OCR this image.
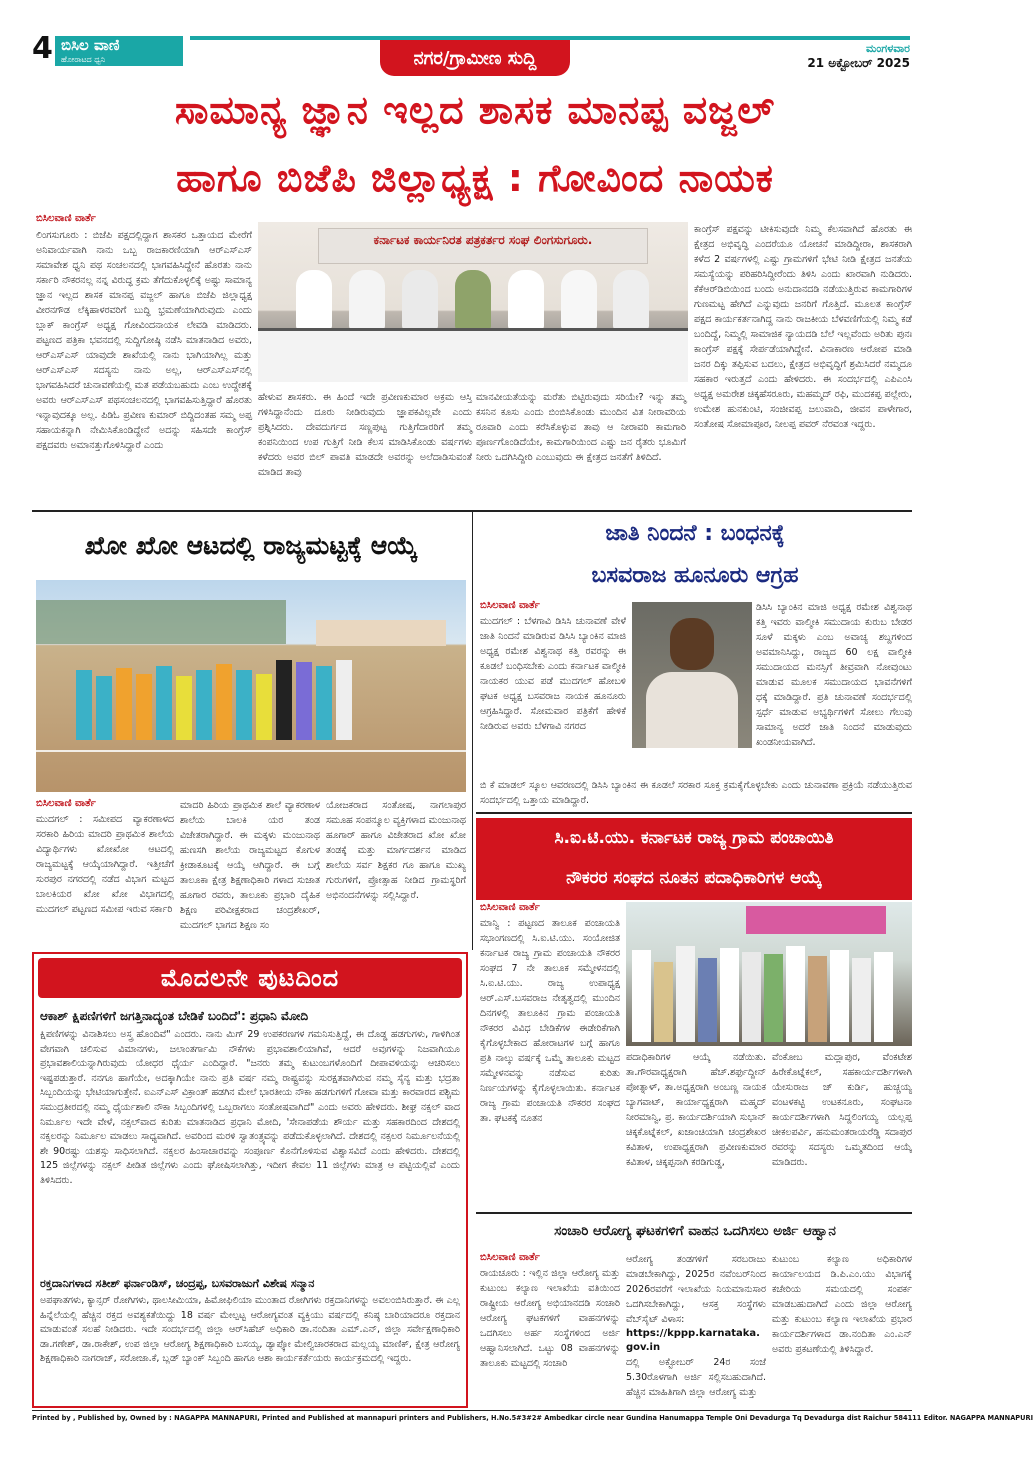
4 ಬಿಸಿಲ ವಾಣಿ
ಹೋರಾಟದ ಧ್ವನಿ	ನಗರ/ಗ್ರಾಮೀಣ ಸುದ್ದಿ	ಮಂಗಳವಾರ
21 ಅಕ್ಟೋಬರ್ 2025
ಸಾಮಾನ್ಯ ಜ್ಞಾನ ಇಲ್ಲದ ಶಾಸಕ ಮಾನಪ್ಪ ವಜ್ಜಲ್
ಹಾಗೂ ಬಿಜೆಪಿ ಜಿಲ್ಲಾಧ್ಯಕ್ಷ : ಗೋವಿಂದ ನಾಯಕ
ಬಿಸಿಲವಾಣಿ ವಾರ್ತೆ
ಲಿಂಗಸುಗೂರು : ಬಿಜೆಪಿ ಪಕ್ಷದಲ್ಲಿದ್ದಾಗ ಶಾಸಕರ ಒತ್ತಾಯದ ಮೇರೆಗೆ ಅನಿವಾರ್ಯವಾಗಿ ನಾನು ಒಬ್ಬ ರಾಜಕಾರಣಿಯಾಗಿ ಆರ್‌ಎಸ್‌ಎಸ್ ಸಮಾವೇಶ ಧ್ವನಿ ಪಥ ಸಂಚಲನದಲ್ಲಿ ಭಾಗವಹಿಸಿದ್ದೇನೆ ಹೊರತು ನಾನು ಸರ್ಕಾರಿ ನೌಕರನಲ್ಲ ನನ್ನ ವಿರುದ್ಧ ಕ್ರಮ ತೆಗೆದುಕೊಳ್ಳಲಿಕ್ಕೆ ಅಷ್ಟು ಸಾಮಾನ್ಯ ಜ್ಞಾನ ಇಲ್ಲದ ಶಾಸಕ ಮಾನಪ್ಪ ವಜ್ಜಲ್ ಹಾಗೂ ಬಿಜೆಪಿ ಜಿಲ್ಲಾಧ್ಯಕ್ಷ ವೀರನಗೌಡ ಲೆಕ್ಕಿಹಾಳರವರಿಗೆ ಬುದ್ಧಿ ಭ್ರಮಣೆಯಾಗಿರುವುದು ಎಂದು ಬ್ಲಾಕ್ ಕಾಂಗ್ರೆಸ್ ಅಧ್ಯಕ್ಷ ಗೋವಿಂದನಾಯಕ ಲೇವಡಿ ಮಾಡಿದರು. ಪಟ್ಟಣದ ಪತ್ರಿಕಾ ಭವನದಲ್ಲಿ ಸುದ್ದಿಗೋಷ್ಠಿ ನಡೆಸಿ ಮಾತನಾಡಿದ ಅವರು, ಆರ್‌ಎಸ್‌ಎಸ್ ಯಾವುದೇ ಶಾಖೆಯಲ್ಲಿ ನಾನು ಭಾಗಿಯಾಗಿಲ್ಲ ಮತ್ತು ಆರ್‌ಎಸ್‌ಎಸ್ ಸದಸ್ಯನು ನಾನು ಅಲ್ಲ, ಆರ್‌ಎಸ್‌ಎಸ್‌ನಲ್ಲಿ ಭಾಗವಹಿಸಿದರೆ ಚುನಾವಣೆಯಲ್ಲಿ ಮತ ಪಡೆಯಬಹುದು ಎಂಬ ಉದ್ದೇಶಕ್ಕೆ ಅವರು ಆರ್‌ಎಸ್‌ಎಸ್ ಪಥಸಂಚಲನದಲ್ಲಿ ಭಾಗವಹಿಸುತ್ತಿದ್ದಾರೆ ಹೊರತು ಇನ್ನಾವುದಕ್ಕೂ ಅಲ್ಲ. ಪಿಡಿಓ ಪ್ರವೀಣ ಕುಮಾರ್ ಬಿದ್ದಿದಂತಹ ಸಮ್ಮ ಅಪ್ಪ ಸಹಾಯಕನ್ನಾಗಿ ನೇಮಿಸಿಕೊಂಡಿದ್ದೇನೆ ಅದನ್ನು ಸಹಿಸದೇ ಕಾಂಗ್ರೆಸ್ ಪಕ್ಷದವರು ಅಮಾನತ್ತುಗೊಳಿಸಿದ್ದಾರೆ ಎಂದು
ಕರ್ನಾಟಕ ಕಾರ್ಯನಿರತ ಪತ್ರಕರ್ತರ ಸಂಘ ಲಿಂಗಸುಗೂರು.
ಹೇಳುವ ಶಾಸಕರು. ಈ ಹಿಂದೆ ಇದೇ ಪ್ರವೀಣಕುಮಾರ ಅಕ್ರಮ ಆಸ್ತಿ ಗಳಿಸಿದ್ದಾನೆಂದು ದೂರು ನೀಡಿರುವುದು ಜ್ಞಾಪಕವಿಲ್ಲವೇ ಎಂದು ಪ್ರಶ್ನಿಸಿದರು. ದೇವದುರ್ಗದ ಸಣ್ಣಪುಟ್ಟ ಗುತ್ತಿಗೆದಾರರಿಗೆ ತಮ್ಮ ಕಂಪನಿಯಿಂದ ಉಪ ಗುತ್ತಿಗೆ ನೀಡಿ ಕೆಲಸ ಮಾಡಿಸಿಕೊಂಡು ವರ್ಷಗಳು ಕಳೆದರು ಅವರ ಬಿಲ್ ಪಾವತಿ ಮಾಡದೇ ಅವರನ್ನು ಅಲೆದಾಡಿಸುವಂತೆ ಮಾಡಿದ ತಾವು
ಮಾನವೀಯತೆಯನ್ನು ಮರೆತು ಬಿಟ್ಟಿರುವುದು ಸರಿಯೇ? ಇನ್ನು ತಮ್ಮ ಕಸನಿನ ಕೂಸು ಎಂದು ಬಿಂಬಿಸಿಕೊಂಡು ಮುಂದಿನ ವಿತ ನೀರಾವರಿಯ ರೂವಾರಿ ಎಂದು ಕರೆಸಿಕೊಳ್ಳುವ ತಾವು ಆ ನೀರಾವರಿ ಕಾಮಗಾರಿ ಪೂರ್ಣಗೊಂಡಿದೆಯೇ, ಕಾಮಗಾರಿಯಿಂದ ಎಷ್ಟು ಜನ ರೈತರು ಭೂಮಿಗೆ ನೀರು ಒದಗಿಸಿದ್ದೀರಿ ಎಂಬುವುದು ಈ ಕ್ಷೇತ್ರದ ಜನತೆಗೆ ತಿಳಿದಿದೆ.
ಕಾಂಗ್ರೆಸ್ ಪಕ್ಷವನ್ನು ಟೀಕಿಸುವುದೇ ನಿಮ್ಮ ಕೆಲಸವಾಗಿದೆ ಹೊರತು ಈ ಕ್ಷೇತ್ರದ ಅಭಿವೃದ್ಧಿ ಎಂದರೆಯೂ ಯೋಚನೆ ಮಾಡಿದ್ದೀರಾ, ಶಾಸಕರಾಗಿ ಕಳೆದ 2 ವರ್ಷಗಳಲ್ಲಿ ಎಷ್ಟು ಗ್ರಾಮಗಳಿಗೆ ಭೇಟಿ ನೀಡಿ ಕ್ಷೇತ್ರದ ಜನತೆಯ ಸಮಸ್ಯೆಯನ್ನು ಪರಿಹರಿಸಿದ್ದೀರೆಂದು ತಿಳಿಸಿ ಎಂದು ಖಾರವಾಗಿ ನುಡಿದರು. ಕೆಕೆಆರ್‌ಡಿಬಿಯಿಂದ ಬಂದು ಅನುದಾನದಡಿ ನಡೆಯುತ್ತಿರುವ ಕಾಮಗಾರಿಗಳ ಗುಣಮಟ್ಟ ಹೇಗಿದೆ ಎನ್ನುವುದು ಜನರಿಗೆ ಗೊತ್ತಿದೆ. ಮೂಲತ ಕಾಂಗ್ರೆಸ್ ಪಕ್ಷದ ಕಾರ್ಯಕರ್ತನಾಗಿದ್ದ ನಾನು ರಾಜಕೀಯ ಬೆಳವಣಿಗೆಯಲ್ಲಿ ನಿಮ್ಮ ಕಡೆ ಬಂದಿದ್ದೆ, ನಿಮ್ಮಲ್ಲಿ ಸಾಮಾಜಿಕ ನ್ಯಾಯದಡಿ ಬೆಲೆ ಇಲ್ಲವೆಂದು ಅರಿತು ಪುನಃ ಕಾಂಗ್ರೆಸ್ ಪಕ್ಷಕ್ಕೆ ಸೇರ್ಪಡೆಯಾಗಿದ್ದೇನೆ. ವಿನಾಕಾರಣ ಆರೋಪ ಮಾಡಿ ಜನರ ದಿಕ್ಕು ತಪ್ಪಿಸುವ ಬದಲು, ಕ್ಷೇತ್ರದ ಅಭಿವೃದ್ಧಿಗೆ ಶ್ರಮಿಸಿದರೆ ನಮ್ಮದೂ ಸಹಕಾರ ಇರುತ್ತದೆ ಎಂದು ಹೇಳಿದರು. ಈ ಸಂದರ್ಭದಲ್ಲಿ ಎಪಿಎಂಸಿ ಅಧ್ಯಕ್ಷ ಅಮರೇಶ ಚಿಕ್ಕಹೆಸರೂರು, ಮಹಮ್ಮದ್ ರಫಿ, ಮುದಕಪ್ಪ ಪಲ್ಲೇರು, ಉಮೇಶ ಹುನಕುಂಟಿ, ಸಂಜೀವಪ್ಪ ಜಲುವಾದಿ, ಜೀವನ ಪಾಳೇಗಾರ, ಸಂತೋಷ ಸೋಮಾಪೂರ, ನೀಲಪ್ಪ ಪವರ್ ನೆರವಂತ ಇದ್ದರು.
ಖೋ ಖೋ ಆಟದಲ್ಲಿ ರಾಜ್ಯಮಟ್ಟಕ್ಕೆ ಆಯ್ಕೆ
ಬಿಸಿಲವಾಣಿ ವಾರ್ತೆ
ಮುದಗಲ್ : ಸಮೀಪದ ವ್ಯಾಕರಣಾಳದ ಸರಕಾರಿ ಹಿರಿಯ ಮಾದರಿ ಪ್ರಾಥಮಿಕ ಶಾಲೆಯ ವಿದ್ಯಾರ್ಥಿಗಳು ಖೋಖೋ ಆಟದಲ್ಲಿ ರಾಜ್ಯಮಟ್ಟಕ್ಕೆ ಆಯ್ಕೆಯಾಗಿದ್ದಾರೆ. ಇತ್ತೀಚೆಗೆ ಸುರಪುರ ನಗರದಲ್ಲಿ ನಡೆದ ವಿಭಾಗ ಮಟ್ಟದ ಬಾಲಕಿಯರ ಖೋ ಖೋ ವಿಭಾಗದಲ್ಲಿ ಮುದಗಲ್ ಪಟ್ಟಣದ ಸಮೀಪ ಇರುವ ಸರ್ಕಾರಿ
ಮಾದರಿ ಹಿರಿಯ ಪ್ರಾಥಮಿಕ ಶಾಲೆ ವ್ಯಾಕರಣಾಳ ಶಾಲೆಯ ಬಾಲಕಿ ಯರ ತಂಡ ವಿಜೇತರಾಗಿದ್ದಾರೆ. ಈ ಮಕ್ಕಳು ಮಂಜುನಾಥ ಹುಣಸಗಿ ಶಾಲೆಯ ರಾಜ್ಯಮಟ್ಟದ ಕೊಗುಳ ಕ್ರೀಡಾಕೂಟಕ್ಕೆ ಆಯ್ಕೆ ಆಗಿದ್ದಾರೆ. ಈ ಬಗ್ಗೆ ತಾಲೂಕಾ ಕ್ಷೇತ್ರ ಶಿಕ್ಷಣಾಧಿಕಾರಿ ಗಳಾದ ಸುಜಾತ ಹೂಗಾರ ರವರು, ತಾಲೂಕು ಪ್ರಭಾರಿ ದೈಹಿಕ ಶಿಕ್ಷಣ ಪರಿವೀಕ್ಷಕರಾದ ಚಂದ್ರಶೇಖರ್, ಮುದಗಲ್ ಭಾಗದ ಶಿಕ್ಷಣ ಸಂ
ಯೋಜಕರಾದ ಸಂತೋಷ, ನಾಗಲಾಪುರ ಸಮೂಹ ಸಂಪನ್ಮೂಲ ವ್ಯಕ್ತಿಗಳಾದ ಮಂಜುನಾಥ ಹೂಗಾರ್ ಹಾಗೂ ವಿಜೇತರಾದ ಖೋ ಖೋ ತಂಡಕ್ಕೆ ಮತ್ತು ಮಾರ್ಗದರ್ಶನ ಮಾಡಿದ ಶಾಲೆಯ ಸರ್ವ ಶಿಕ್ಷಕರ ಗೂ ಹಾಗೂ ಮುಖ್ಯ ಗುರುಗಳಿಗೆ, ಪ್ರೋತ್ಸಾಹ ನೀಡಿದ ಗ್ರಾಮಸ್ಥರಿಗೆ ಅಭಿನಂದನೆಗಳನ್ನು ಸಲ್ಲಿಸಿದ್ದಾರೆ.
ಜಾತಿ ನಿಂದನೆ : ಬಂಧನಕ್ಕೆ
ಬಸವರಾಜ ಹೂನೂರು ಆಗ್ರಹ
ಬಿಸಿಲವಾಣಿ ವಾರ್ತೆ
ಮುದಗಲ್ : ಬೆಳಗಾವಿ ಡಿಸಿಸಿ ಚುನಾವಣೆ ವೇಳೆ ಜಾತಿ ನಿಂದನೆ ಮಾಡಿರುವ ಡಿಸಿಸಿ ಬ್ಯಾಂಕಿನ ಮಾಜಿ ಅಧ್ಯಕ್ಷ ರಮೇಶ ವಿಶ್ವನಾಥ ಕತ್ತಿ ರವರನ್ನು ಈ ಕೂಡಲೆ ಬಂಧಿಸಬೇಕು ಎಂದು ಕರ್ನಾಟಕ ವಾಲ್ಮೀಕಿ ನಾಯಕರ ಯುವ ಪಡೆ ಮುದಗಲ್ ಹೋಬಳಿ ಘಟಕ ಅಧ್ಯಕ್ಷ ಬಸವರಾಜ ನಾಯಕ ಹೂನೂರು ಆಗ್ರಹಿಸಿದ್ದಾರೆ. ಸೋಮವಾರ ಪತ್ರಿಕೆಗೆ ಹೇಳಿಕೆ ನೀಡಿರುವ ಅವರು ಬೆಳಗಾವಿ ನಗರದ
ಡಿಸಿಸಿ ಬ್ಯಾಂಕಿನ ಮಾಜಿ ಅಧ್ಯಕ್ಷ ರಮೇಶ ವಿಶ್ವನಾಥ ಕತ್ತಿ ಇವರು ವಾಲ್ಮೀಕಿ ಸಮುದಾಯ ಕುರುಬ ಬೇಡರ ಸೂಳೆ ಮಕ್ಕಳು ಎಂಬ ಅವಾಚ್ಯ ಶಬ್ದಗಳಿಂದ ಅವಮಾನಿಸಿದ್ದು, ರಾಜ್ಯದ 60 ಲಕ್ಷ ವಾಲ್ಮೀಕಿ ಸಮುದಾಯದ ಮನಸ್ಸಿಗೆ ತೀವ್ರವಾಗಿ ನೋವುಂಟು ಮಾಡುವ ಮೂಲಕ ಸಮುದಾಯದ ಭಾವನೆಗಳಿಗೆ ಧಕ್ಕೆ ಮಾಡಿದ್ದಾರೆ. ಪ್ರತಿ ಚುನಾವಣೆ ಸಂದರ್ಭದಲ್ಲಿ ಸ್ಪರ್ಧೆ ಮಾಡುವ ಅಭ್ಯರ್ಥಿಗಳಿಗೆ ಸೋಲು ಗೆಲುವು ಸಾಮಾನ್ಯ ಅದರೆ ಜಾತಿ ನಿಂದನೆ ಮಾಡುವುದು ಖಂಡನೀಯವಾಗಿದೆ.
ಬಿ ಕೆ ಮಾಡಲ್ ಸ್ಕೂಲ ಆವರಣದಲ್ಲಿ ಡಿಸಿಸಿ ಬ್ಯಾಂಕಿನ ಈ ಕೂಡಲೆ ಸರಕಾರ ಸೂಕ್ತ ಕ್ರಮಕೈಗೊಳ್ಳಬೇಕು ಎಂದು ಚುನಾವಣಾ ಪ್ರಕ್ರಿಯೆ ನಡೆಯುತ್ತಿರುವ ಸಂದರ್ಭದಲ್ಲಿ ಒತ್ತಾಯ ಮಾಡಿದ್ದಾರೆ.
ಸಿ.ಐ.ಟಿ.ಯು. ಕರ್ನಾಟಕ ರಾಜ್ಯ ಗ್ರಾಮ ಪಂಚಾಯಿತಿ
ನೌಕರರ ಸಂಘದ ನೂತನ ಪದಾಧಿಕಾರಿಗಳ ಆಯ್ಕೆ
ಬಿಸಿಲವಾಣಿ ವಾರ್ತೆ
ಮಾನ್ವಿ : ಪಟ್ಟಣದ ತಾಲೂಕ ಪಂಚಾಯತಿ ಸಭಾಂಗಣದಲ್ಲಿ ಸಿ.ಐ.ಟಿ.ಯು. ಸಂಯೋಜಿತ ಕರ್ನಾಟಕ ರಾಜ್ಯ ಗ್ರಾಮ ಪಂಚಾಯತಿ ನೌಕರರ ಸಂಘದ 7 ನೇ ತಾಲೂಕ ಸಮ್ಮೇಳನದಲ್ಲಿ ಸಿ.ಐ.ಟಿ.ಯು. ರಾಜ್ಯ ಉಪಾಧ್ಯಕ್ಷ ಆರ್.ಎಸ್.ಬಸವರಾಜ ನೇತೃತ್ವದಲ್ಲಿ ಮುಂದಿನ ದಿನಗಳಲ್ಲಿ ತಾಲೂಕಿನ ಗ್ರಾಮ ಪಂಚಾಯತಿ ನೌಕರರ ವಿವಿಧ ಬೇಡಿಕೆಗಳ ಈಡೇರಿಕೆಗಾಗಿ ಕೈಗೊಳ್ಳಬೇಕಾದ ಹೋರಾಟಗಳ ಬಗ್ಗೆ ಹಾಗೂ ಪ್ರತಿ ನಾಲ್ಕು ವರ್ಷಕ್ಕೆ ಒಮ್ಮೆ ತಾಲೂಕು ಮಟ್ಟದ ಸಮ್ಮೇಳನವನ್ನು ನಡೆಸುವ ಕುರಿತು ನಿರ್ಣಯಗಳನ್ನು ಕೈಗೊಳ್ಳಲಾಯಿತು. ಕರ್ನಾಟಕ ರಾಜ್ಯ ಗ್ರಾಮ ಪಂಚಾಯತಿ ನೌಕರರ ಸಂಘದ ತಾ. ಘಟಕಕ್ಕೆ ನೂತನ
ಪದಾಧಿಕಾರಿಗಳ ಆಯ್ಕೆ ನಡೆಯಿತು. ತಾ.ಗೌರವಾಧ್ಯಕ್ಷರಾಗಿ ಹೆಚ್.ಶರ್ಫುದ್ದೀನ್ ಪೋತ್ನಾಳ್, ತಾ.ಅಧ್ಯಕ್ಷರಾಗಿ ಅಂಬಣ್ಣ ನಾಯಕ ಬ್ಯಾಗವಾಟ್, ಕಾರ್ಯಾಧ್ಯಕ್ಷರಾಗಿ ಮಹ್ಮದ್ ನೀರಮಾನ್ವಿ, ಪ್ರ. ಕಾರ್ಯದರ್ಶಿಯಾಗಿ ಸುಭಾನ್ ಚಿಕ್ಕಕೊಟ್ನೆಕಲ್, ಖಜಾಂಚಿಯಾಗಿ ಚಂದ್ರಶೇಖರ ಕವಿತಾಳ, ಉಪಾಧ್ಯಕ್ಷರಾಗಿ ಪ್ರವೀಣಕುಮಾರ ಕವಿತಾಳ, ಚಿಕ್ಕಪ್ಪನಾಗಿ ಕರಡಿಗುಡ್ಡ,
ವೆಂಕೋಬ ಮದ್ಲಾಪುರ, ವೆಂಕಟೇಶ ಹಿರೇಕೊಟ್ನೆಕಲ್, ಸಹಕಾರ್ಯದರ್ಶಿಗಳಾಗಿ ಯೇಸುರಾಜ ಜ್ ಕುರ್ಡಿ, ಹುಚ್ಚಯ್ಯ ವಂಟಳಕಟ್ಟಿ ಉಟಕನೂರು, ಸಂಘಟನಾ ಕಾರ್ಯದರ್ಶಿಗಳಾಗಿ ಸಿದ್ದಲಿಂಗಯ್ಯ ಯಲ್ಲಪ್ಪ ಚೀಕಲಪರ್ವಿ, ಹನುಮಂತರಾಯರೆಡ್ಡಿ ಸದಾಪುರ ರವರನ್ನು ಸದಸ್ಯರು ಒಮ್ಮತದಿಂದ ಆಯ್ಕೆ ಮಾಡಿದರು.
ಮೊದಲನೇ ಪುಟದಿಂದ
ಆಕಾಶ್ ಕ್ಷಿಪಣಿಗಳಿಗೆ ಜಗತ್ತಿನಾದ್ಯಂತ ಬೇಡಿಕೆ ಬಂದಿದೆ': ಪ್ರಧಾನಿ ಮೋದಿ
ಕ್ಷಿಪಣಿಗಳನ್ನು ವಿನಾಶಿಸಲು ಅಸ್ತ್ರ ಹೊಂದಿವೆ" ಎಂದರು. ನಾನು ಮಿಗ್ 29 ಉಪಕರಣಗಳ ಗಮನಿಸುತ್ತಿದ್ದೆ, ಈ ದೊಡ್ಡ ಹಡಗುಗಳು, ಗಾಳಿಗಿಂತ ವೇಗವಾಗಿ ಚಲಿಸುವ ವಿಮಾನಗಳು, ಜಲಾಂತರ್ಗಾಮಿ ನೌಕೆಗಳು ಪ್ರಭಾವಶಾಲಿಯಾಗಿವೆ, ಆದರೆ ಅವುಗಳನ್ನು ನಿಜವಾಗಿಯೂ ಪ್ರಭಾವಶಾಲಿಯನ್ನಾಗಿರುವುದು ಯೋಧರ ಧೈರ್ಯ ಎಂದಿದ್ದಾರೆ. "ಜನರು ತಮ್ಮ ಕುಟುಂಬಗಳೊಂದಿಗೆ ದೀಪಾವಳಿಯನ್ನು ಆಚರಿಸಲು ಇಷ್ಟಪಡುತ್ತಾರೆ. ನನಗೂ ಹಾಗೆಯೇ, ಅದಕ್ಕಾಗಿಯೇ ನಾನು ಪ್ರತಿ ವರ್ಷ ನಮ್ಮ ರಾಷ್ಟ್ರವನ್ನು ಸುರಕ್ಷತವಾಗಿರುವ ನಮ್ಮ ಸೈನ್ಯ ಮತ್ತು ಭದ್ರತಾ ಸಿಬ್ಬಂದಿಯನ್ನು ಭೇಟಿಯಾಗುತ್ತೇನೆ. ಐಎನ್‌ಎಸ್ ವಿಕ್ರಾಂತ್ ಹಡಗಿನ ಮೇಲೆ ಭಾರತೀಯ ನೌಕಾ ಹಡಗುಗಳಿಗೆ ಗೋವಾ ಮತ್ತು ಕಾರವಾರದ ಪಶ್ಚಿಮ ಸಮುದ್ರತೀರದಲ್ಲಿ ನಮ್ಮ ಧೈರ್ಯಶಾಲಿ ನೌಕಾ ಸಿಬ್ಬಂದಿಗಳಲ್ಲಿ ಒಬ್ಬರಾಗಲು ಸಂತೋಷವಾಗಿದೆ" ಎಂದು ಅವರು ಹೇಳಿದರು. ಶೀಘ್ರ ನಕ್ಸಲ್ ವಾದ ನಿರ್ಮೂಲ ಇದೇ ವೇಳೆ, ನಕ್ಸಲ್‌ವಾದ ಕುರಿತು ಮಾತನಾಡಿದ ಪ್ರಧಾನಿ ಮೋದಿ, 'ಸೇನಾಪಡೆಯ ಶೌರ್ಯ ಮತ್ತು ಸಹಕಾರದಿಂದ ದೇಶದಲ್ಲಿ ನಕ್ಸಲರನ್ನು ನಿರ್ಮೂಲ ಮಾಡಲು ಸಾಧ್ಯವಾಗಿದೆ. ಅವರಿಂದ ಮರಳಿ ಸ್ವಾತಂತ್ರ್ಯವನ್ನು ಪಡೆದುಕೊಳ್ಳಲಾಗಿದೆ. ದೇಶದಲ್ಲಿ ನಕ್ಸಲರ ನಿರ್ಮೂಲನೆಯಲ್ಲಿ ಶೇ 90ರಷ್ಟು ಯಶಸ್ಸು ಸಾಧಿಸಲಾಗಿದೆ. ನಕ್ಸಲರ ಹಿಂಸಾಚಾರವನ್ನು ಸಂಪೂರ್ಣ ಕೊನೆಗೊಳಿಸುವ ವಿಶ್ವಾಸವಿದೆ ಎಂದು ಹೇಳಿದರು. ದೇಶದಲ್ಲಿ 125 ಜಿಲ್ಲೆಗಳನ್ನು ನಕ್ಸಲ್ ಪೀಡಿತ ಜಿಲ್ಲೆಗಳು ಎಂದು ಘೋಷಿಸಲಾಗಿತ್ತು, ಇದೀಗ ಕೇವಲ 11 ಜಿಲ್ಲೆಗಳು ಮಾತ್ರ ಆ ಪಟ್ಟಿಯಲ್ಲಿವೆ ಎಂದು ತಿಳಿಸಿದರು.
ರಕ್ತದಾನಿಗಳಾದ ಸತೀಶ್ ಫರ್ನಾಂಡಿಸ್, ಚಂದ್ರಪ್ಪ, ಬಸವರಾಜುಗೆ ವಿಶೇಷ ಸನ್ಮಾನ
ಅಪಘಾತಗಳು, ಕ್ಯಾನ್ಸರ್ ರೋಗಿಗಳು, ಥಾಲಸೀಮಿಯಾ, ಹಿಮೋಫಿಲಿಯಾ ಮುಂತಾದ ರೋಗಿಗಳು ರಕ್ತದಾನಿಗಳನ್ನು ಅವಲಂಬಿಸಿರುತ್ತಾರೆ. ಈ ಎಲ್ಲ ಹಿನ್ನೆಲೆಯಲ್ಲಿ ಹೆಚ್ಚಿನ ರಕ್ತದ ಅವಶ್ಯಕತೆಯಿದ್ದು 18 ವರ್ಷ ಮೇಲ್ಪಟ್ಟ ಆರೋಗ್ಯವಂತ ವ್ಯಕ್ತಿಯು ವರ್ಷದಲ್ಲಿ ಕನಿಷ್ಠ ಬಾರಿಯಾದರೂ ರಕ್ತದಾನ ಮಾಡುವಂತೆ ಸಲಹೆ ನೀಡಿದರು. ಇದೇ ಸಂದರ್ಭದಲ್ಲಿ ಜಿಲ್ಲಾ ಆರ್‌ಸಿಹೆಚ್ ಅಧಿಕಾರಿ ಡಾ.ನಂದಿತಾ ಎಮ್.ಎನ್, ಜಿಲ್ಲಾ ಸರ್ವೇಕ್ಷಣಾಧಿಕಾರಿ ಡಾ.ಗಣೇಶ್, ಡಾ.ರಾಕೇಶ್, ಉಪ ಜಿಲ್ಲಾ ಆರೋಗ್ಯ ಶಿಕ್ಷಣಾಧಿಕಾರಿ ಬಸಯ್ಯ, ಡ್ಯಾಪ್ಕೋ ಮೇಲ್ವಿಚಾರಕರಾದ ಮಲ್ಲಯ್ಯ ಮಾಣಿಕ್, ಕ್ಷೇತ್ರ ಆರೋಗ್ಯ ಶಿಕ್ಷಣಾಧಿಕಾರಿ ನಾಗರಾಜ್, ಸರೋಜಾ.ಕೆ, ಬ್ಲಡ್ ಬ್ಯಾಂಕ್ ಸಿಬ್ಬಂದಿ ಹಾಗೂ ಆಶಾ ಕಾರ್ಯಕರ್ತೆಯರು ಕಾರ್ಯಕ್ರಮದಲ್ಲಿ ಇದ್ದರು.
ಸಂಚಾರಿ ಆರೋಗ್ಯ ಘಟಕಗಳಿಗೆ ವಾಹನ ಒದಗಿಸಲು ಅರ್ಜಿ ಆಹ್ವಾನ
ಬಿಸಿಲವಾಣಿ ವಾರ್ತೆ
ರಾಯಚೂರು : ಇಲ್ಲಿನ ಜಿಲ್ಲಾ ಆರೋಗ್ಯ ಮತ್ತು ಕುಟುಂಬ ಕಲ್ಯಾಣ ಇಲಾಖೆಯ ವತಿಯಿಂದ ರಾಷ್ಟ್ರೀಯ ಆರೋಗ್ಯ ಅಭಿಯಾನದಡಿ ಸಂಚಾರಿ ಆರೋಗ್ಯ ಘಟಕಗಳಿಗೆ ವಾಹನಗಳನ್ನು ಒದಗಿಸಲು ಅರ್ಹ ಸಂಸ್ಥೆಗಳಿಂದ ಅರ್ಜಿ ಆಹ್ವಾನಿಸಲಾಗಿದೆ. ಒಟ್ಟು 08 ವಾಹನಗಳನ್ನು ತಾಲೂಕು ಮಟ್ಟದಲ್ಲಿ ಸಂಚಾರಿ
ಆರೋಗ್ಯ ತಂಡಗಳಿಗೆ ಸರಬರಾಜು ಮಾಡಬೇಕಾಗಿದ್ದು, 2025ರ ನವೆಂಬರ್‌ನಿಂದ 2026ರವರೆಗೆ ಇಲಾಖೆಯ ನಿಯಮಾನುಸಾರ ಒದಗಿಸಬೇಕಾಗಿದ್ದು, ಆಸಕ್ತ ಸಂಸ್ಥೆಗಳು ವೆಬ್‌ಸೈಟ್ ವಿಳಾಸ:
https://kppp.karnataka.gov.in
ದಲ್ಲಿ ಅಕ್ಟೋಬರ್ 24ರ ಸಂಜೆ 5.30ರೊಳಗಾಗಿ ಅರ್ಜಿ ಸಲ್ಲಿಸಬಹುದಾಗಿದೆ. ಹೆಚ್ಚಿನ ಮಾಹಿತಿಗಾಗಿ ಜಿಲ್ಲಾ ಆರೋಗ್ಯ ಮತ್ತು
ಕುಟುಂಬ ಕಲ್ಯಾಣ ಅಧಿಕಾರಿಗಳ ಕಾರ್ಯಾಲಯದ ಡಿ.ಪಿ.ಎಂ.ಯು ವಿಭಾಗಕ್ಕೆ ಕಚೇರಿಯ ಸಮಯದಲ್ಲಿ ಸಂಪರ್ಕ ಮಾಡಬಹುದಾಗಿದೆ ಎಂದು ಜಿಲ್ಲಾ ಆರೋಗ್ಯ ಮತ್ತು ಕುಟುಂಬ ಕಲ್ಯಾಣ ಇಲಾಖೆಯ ಪ್ರಭಾರ ಕಾರ್ಯದರ್ಶಿಗಳಾದ ಡಾ.ನಂದಿತಾ ಎಂ.ಎನ್ ಅವರು ಪ್ರಕಟಣೆಯಲ್ಲಿ ತಿಳಿಸಿದ್ದಾರೆ.
Printed by , Published by, Owned by : NAGAPPA MANNAPURI, Printed and Published at mannapuri printers and Publishers, H.No.5#3#2# Ambedkar circle near Gundina Hanumappa Temple Oni Devadurga Tq Devadurga dist Raichur 584111 Editor. NAGAPPA MANNAPURI
